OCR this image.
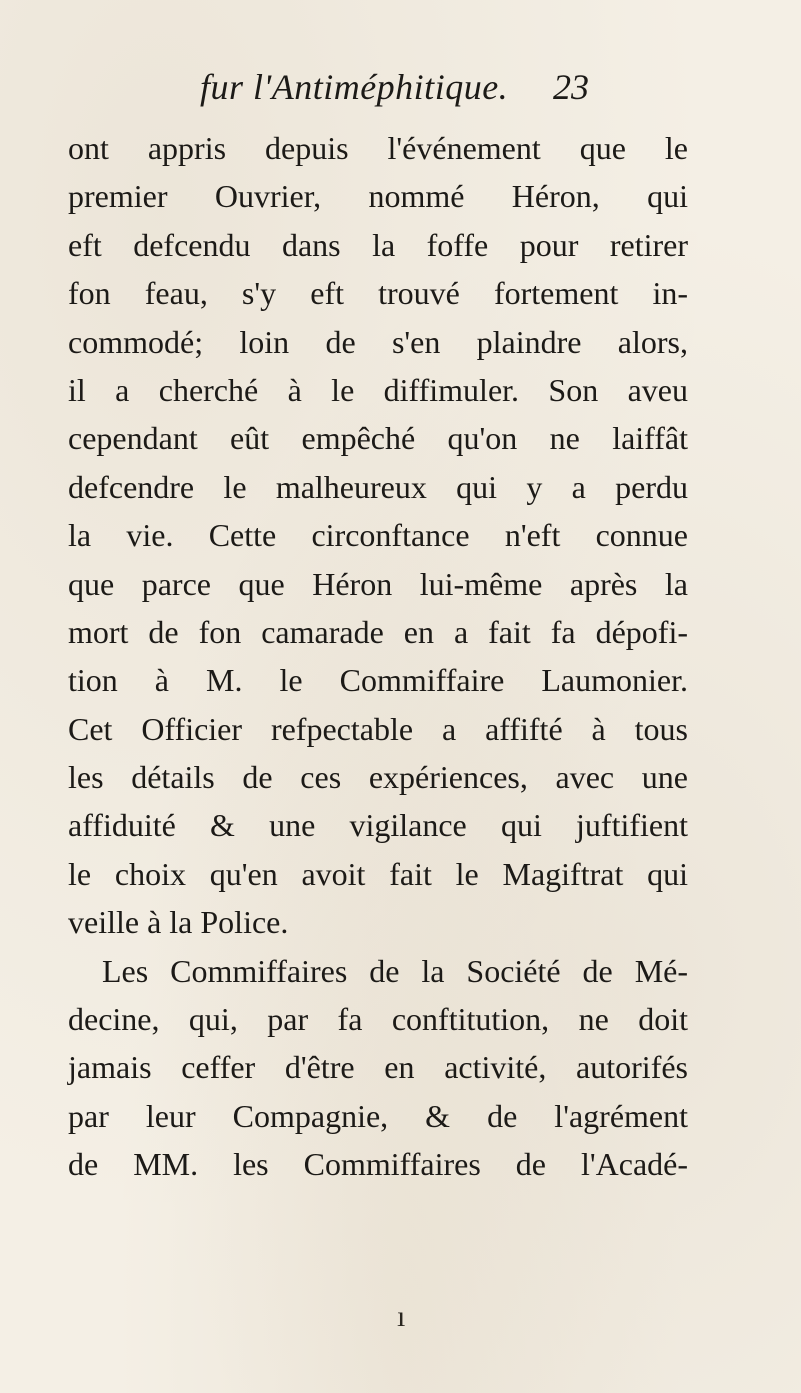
fur l'Antiméphitique. 23
ont appris depuis l'événement que le
premier Ouvrier, nommé Héron, qui
eft defcendu dans la foffe pour retirer
fon feau, s'y eft trouvé fortement in-
commodé; loin de s'en plaindre alors,
il a cherché à le diffimuler. Son aveu
cependant eût empêché qu'on ne laiffât
defcendre le malheureux qui y a perdu
la vie. Cette circonftance n'eft connue
que parce que Héron lui-même après la
mort de fon camarade en a fait fa dépofi-
tion à M. le Commiffaire Laumonier.
Cet Officier refpectable a affifté à tous
les détails de ces expériences, avec une
affiduité & une vigilance qui juftifient
le choix qu'en avoit fait le Magiftrat qui
veille à la Police.
Les Commiffaires de la Société de Mé-
decine, qui, par fa conftitution, ne doit
jamais ceffer d'être en activité, autorifés
par leur Compagnie, & de l'agrément
de MM. les Commiffaires de l'Acadé-
ı
